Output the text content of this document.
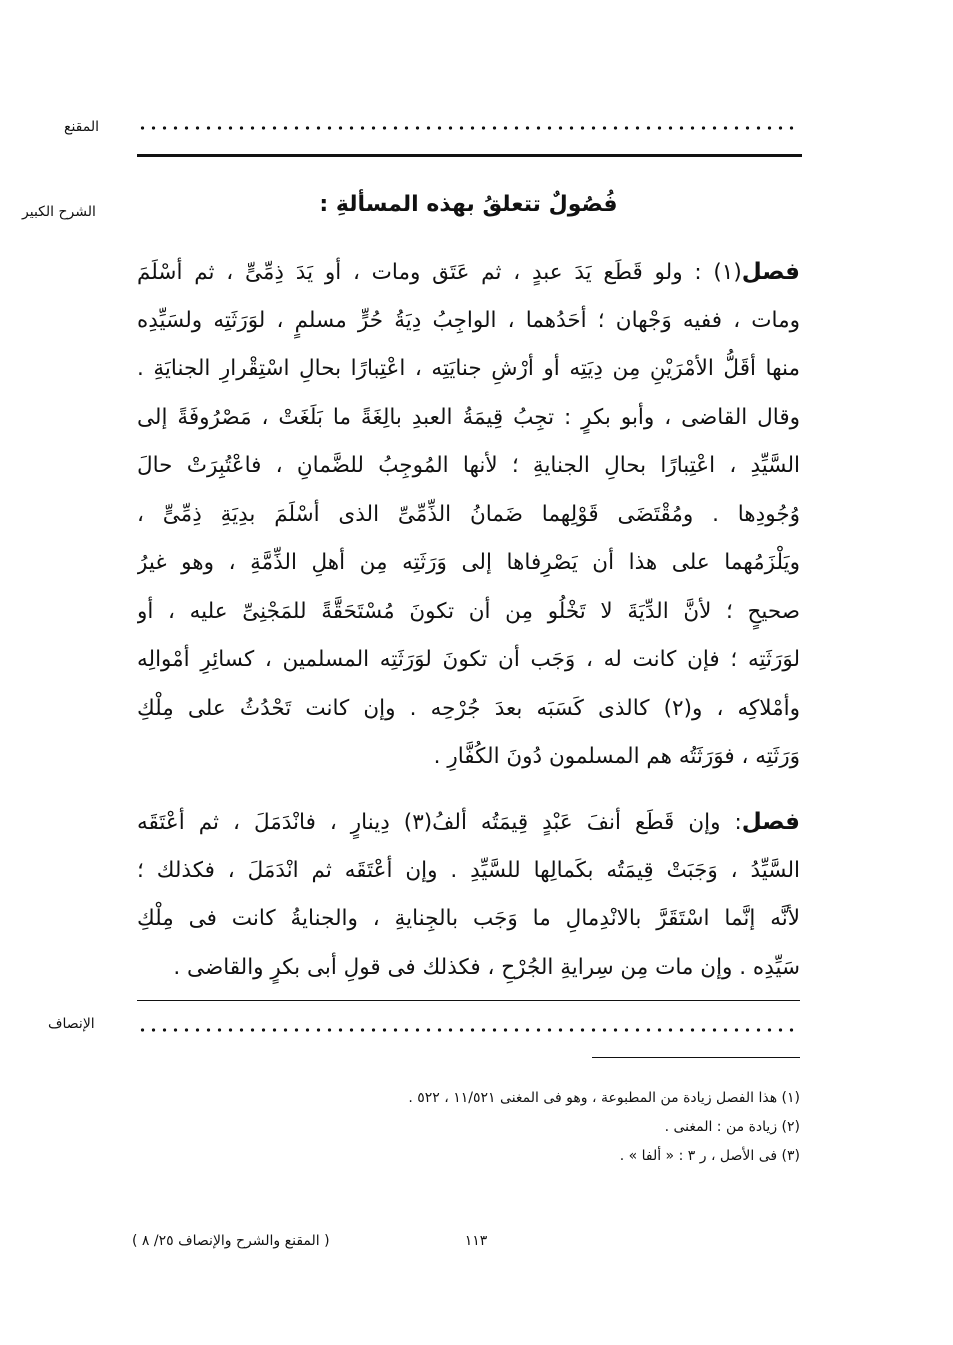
المقنع
الشرح الكبير	فُصُولٌ تتعلقُ بهذه المسألةِ :
فصل(١) : ولو قَطَع يَدَ عبدٍ ، ثم عَتَق ومات ، أو يَدَ ذِمِّىٍّ ، ثم أسْلَمَ
ومات ، ففيه وَجْهان ؛ أحَدُهما ، الواجِبُ دِيَةُ حُرٍّ مسلمٍ ، لوَرَثَتِه ولسَيِّدِه
منها أقَلُّ الأمْرَيْنِ مِن دِيَتِه أو أرْشِ جنايَتِه ، اعْتِبارًا بحالِ اسْتِقْرارِ الجنايَةِ .
وقال القاضى ، وأبو بكرٍ : تجِبُ قِيمَةُ العبدِ بالِغَةً ما بَلَغَتْ ، مَصْرُوفَةً إلى
السَّيِّدِ ، اعْتِبارًا بحالِ الجنايةِ ؛ لأنها المُوجِبُ للضَّمانِ ، فاعْتُبِرَتْ حالَ
وُجُودِها . ومُقْتَضَى قَوْلِهما ضَمانُ الذِّمِّىِّ الذى أسْلَمَ بدِيَةِ ذِمِّىٍّ ،
ويَلْزَمُهما على هذا أن يَصْرِفاها إلى وَرَثَتِه مِن أهلِ الذِّمَّةِ ، وهو غيرُ
صحيحٍ ؛ لأنَّ الدِّيَةَ لا تَخْلُو مِن أن تكونَ مُسْتَحَقَّةً للمَجْنِىِّ عليه ، أو
لوَرَثَتِه ؛ فإن كانت له ، وَجَب أن تكونَ لوَرَثَتِه المسلمين ، كسائِرِ أمْوالِه
وأمْلاكِه ، و(٢) كالذى كَسَبَه بعدَ جُرْحِه . وإن كانت تَحْدُثُ على مِلْكِ
وَرَثَتِه ، فوَرَثَتُه هم المسلمون دُونَ الكُفَّارِ .
فصل: وإن قَطَع أنفَ عَبْدٍ قِيمَتُه ألفُ(٣) دِينارٍ ، فانْدَمَلَ ، ثم أعْتَقَه
السَّيِّدُ ، وَجَبَتْ قِيمَتُه بكَمالِها للسَّيِّدِ . وإن أعْتَقَه ثم انْدَمَلَ ، فكذلك ؛
لأنَّه إنَّما اسْتَقَرَّ بالانْدِمالِ ما وَجَب بالجِنايةِ ، والجنايةُ كانت فى مِلْكِ
سَيِّدِه . وإن مات مِن سِرايةِ الجُرْحِ ، فكذلك فى قولِ أبى بكرٍ والقاضى .
الإنصاف
(١) هذا الفصل زيادة من المطبوعة ، وهو فى المغنى ١١/٥٢١ ، ٥٢٢ .
(٢) زيادة من : المغنى .
(٣) فى الأصل ، ر ٣ : « ألفا » .
١١٣
( المقنع والشرح والإنصاف ٢٥/ ٨ )
